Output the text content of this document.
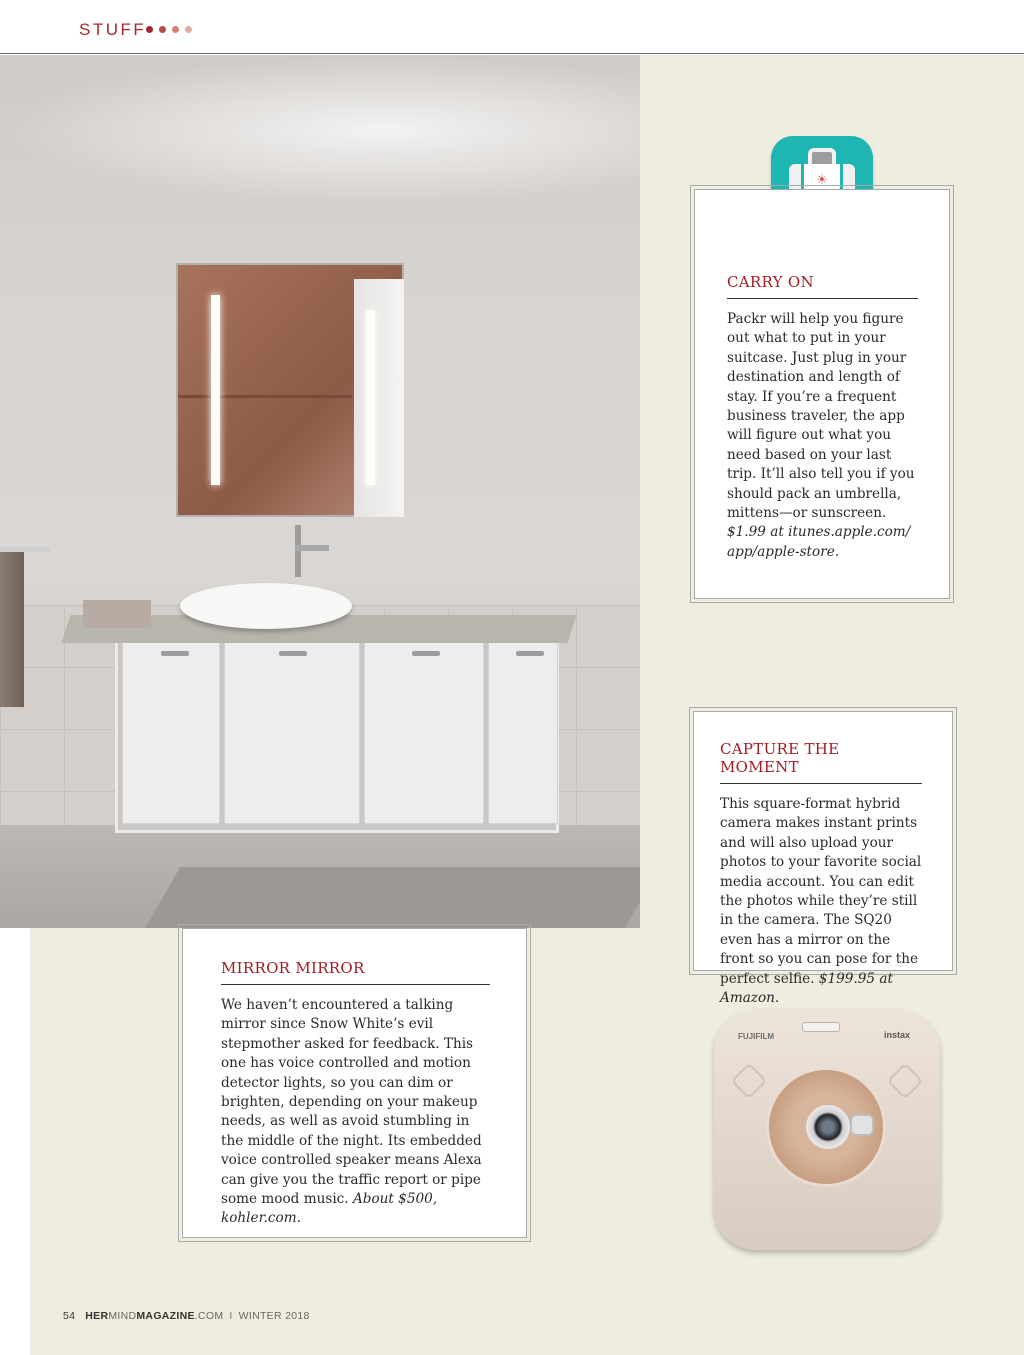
STUFF
☀
CARRY ON

Packr will help you figure out what to put in your suitcase. Just plug in your destination and length of stay. If you’re a frequent business traveler, the app will figure out what you need based on your last trip. It’ll also tell you if you should pack an umbrella, mittens—or sunscreen. $1.99 at itunes.apple.com/ app/apple-store.

CAPTURE THE MOMENT

This square-format hybrid camera makes instant prints and will also upload your photos to your favorite social media account. You can edit the photos while they’re still in the camera. The SQ20 even has a mirror on the front so you can pose for the perfect selfie. $199.95 at Amazon.

FUJIFILM	instax
MIRROR MIRROR

We haven’t encountered a talking mirror since Snow White’s evil stepmother asked for feedback. This one has voice controlled and motion detector lights, so you can dim or brighten, depending on your makeup needs, as well as avoid stumbling in the middle of the night. Its embedded voice controlled speaker means Alexa can give you the traffic report or pipe some mood music. About $500, kohler.com.

54 HERMINDMAGAZINE.COM I WINTER 2018
